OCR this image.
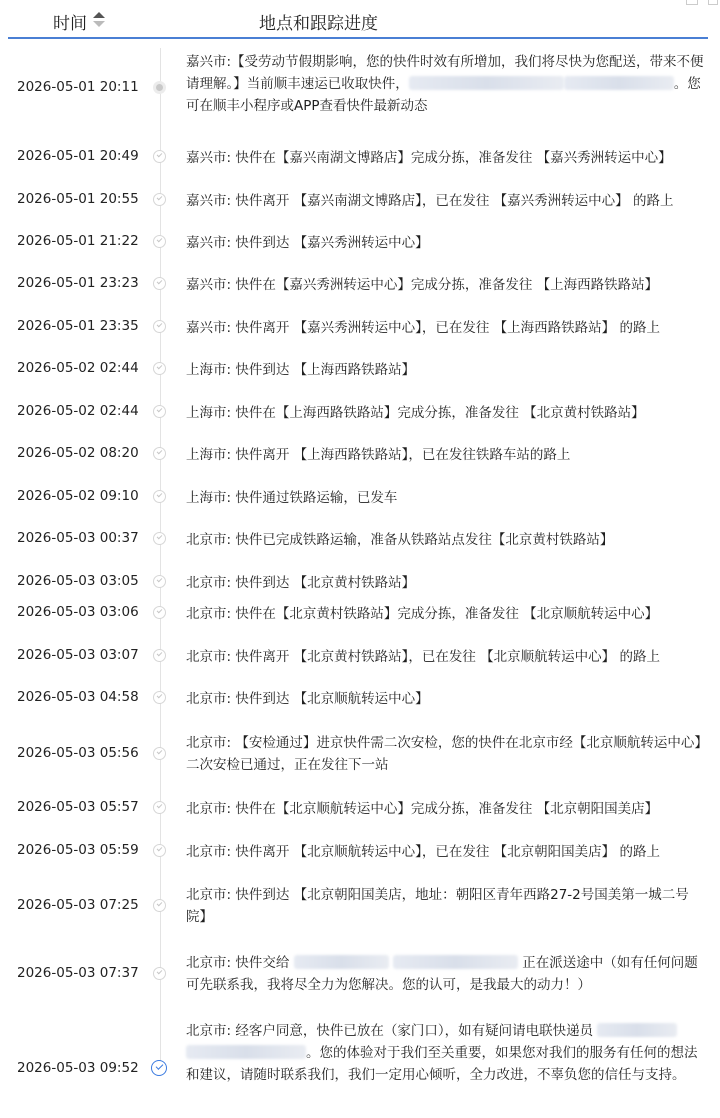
时间	地点和跟踪进度
2026-05-01 20:11
嘉兴市:【受劳动节假期影响，您的快件时效有所增加，我们将尽快为您配送，带来不便请理解。】当前顺丰速运已收取快件，	。您可在顺丰小程序或APP查看快件最新动态
2026-05-01 20:49	嘉兴市: 快件在【嘉兴南湖文博路店】完成分拣，准备发往 【嘉兴秀洲转运中心】
2026-05-01 20:55	嘉兴市: 快件离开 【嘉兴南湖文博路店】，已在发往 【嘉兴秀洲转运中心】 的路上
2026-05-01 21:22	嘉兴市: 快件到达 【嘉兴秀洲转运中心】
2026-05-01 23:23	嘉兴市: 快件在【嘉兴秀洲转运中心】完成分拣，准备发往 【上海西路铁路站】
2026-05-01 23:35	嘉兴市: 快件离开 【嘉兴秀洲转运中心】，已在发往 【上海西路铁路站】 的路上
2026-05-02 02:44	上海市: 快件到达 【上海西路铁路站】
2026-05-02 02:44	上海市: 快件在【上海西路铁路站】完成分拣，准备发往 【北京黄村铁路站】
2026-05-02 08:20	上海市: 快件离开 【上海西路铁路站】，已在发往铁路车站的路上
2026-05-02 09:10	上海市: 快件通过铁路运输，已发车
2026-05-03 00:37	北京市: 快件已完成铁路运输，准备从铁路站点发往【北京黄村铁路站】
2026-05-03 03:05	北京市: 快件到达 【北京黄村铁路站】
2026-05-03 03:06	北京市: 快件在【北京黄村铁路站】完成分拣，准备发往 【北京顺航转运中心】
2026-05-03 03:07	北京市: 快件离开 【北京黄村铁路站】，已在发往 【北京顺航转运中心】 的路上
2026-05-03 04:58	北京市: 快件到达 【北京顺航转运中心】
2026-05-03 05:56
北京市: 【安检通过】进京快件需二次安检，您的快件在北京市经【北京顺航转运中心】二次安检已通过，正在发往下一站
2026-05-03 05:57	北京市: 快件在【北京顺航转运中心】完成分拣，准备发往 【北京朝阳国美店】
2026-05-03 05:59	北京市: 快件离开 【北京顺航转运中心】，已在发往 【北京朝阳国美店】 的路上
2026-05-03 07:25
北京市: 快件到达 【北京朝阳国美店，地址：朝阳区青年西路27-2号国美第一城二号院】
2026-05-03 07:37
北京市: 快件交给	正在派送途中（如有任何问题可先联系我，我将尽全力为您解决。您的认可，是我最大的动力！）
2026-05-03 09:52
北京市: 经客户同意，快件已放在（家门口），如有疑问请电联快递员 。您的体验对于我们至关重要，如果您对我们的服务有任何的想法和建议，请随时联系我们，我们一定用心倾听，全力改进，不辜负您的信任与支持。
